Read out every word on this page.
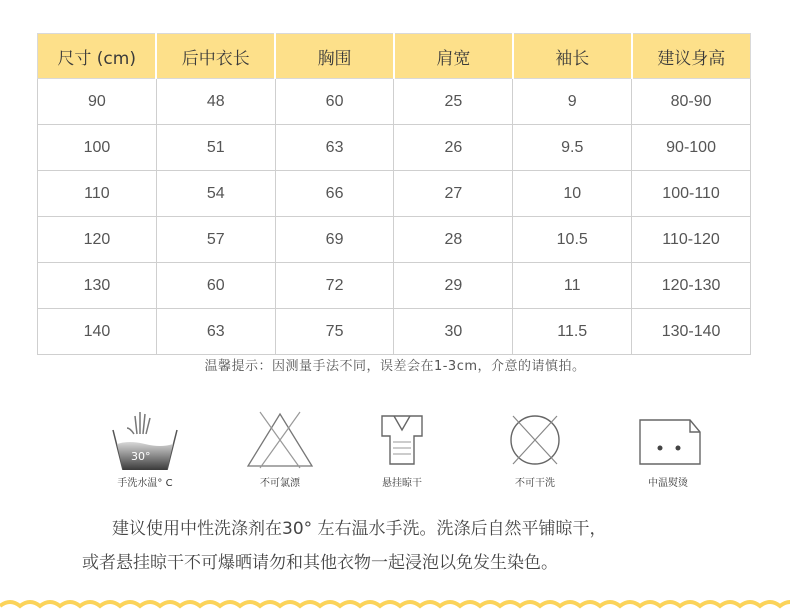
尺寸 (cm)	后中衣长	胸围	肩宽	袖长	建议身高
90	48	60	25	9	80-90
100	51	63	26	9.5	90-100
110	54	66	27	10	100-110
120	57	69	28	10.5	110-120
130	60	72	29	11	120-130
140	63	75	30	11.5	130-140
温馨提示：因测量手法不同，误差会在1-3cm，介意的请慎拍。
30°
手洗水温° C	不可氯漂	悬挂晾干	不可干洗	中温熨烫
建议使用中性洗涤剂在30° 左右温水手洗。洗涤后自然平铺晾干，
或者悬挂晾干不可爆晒请勿和其他衣物一起浸泡以免发生染色。
